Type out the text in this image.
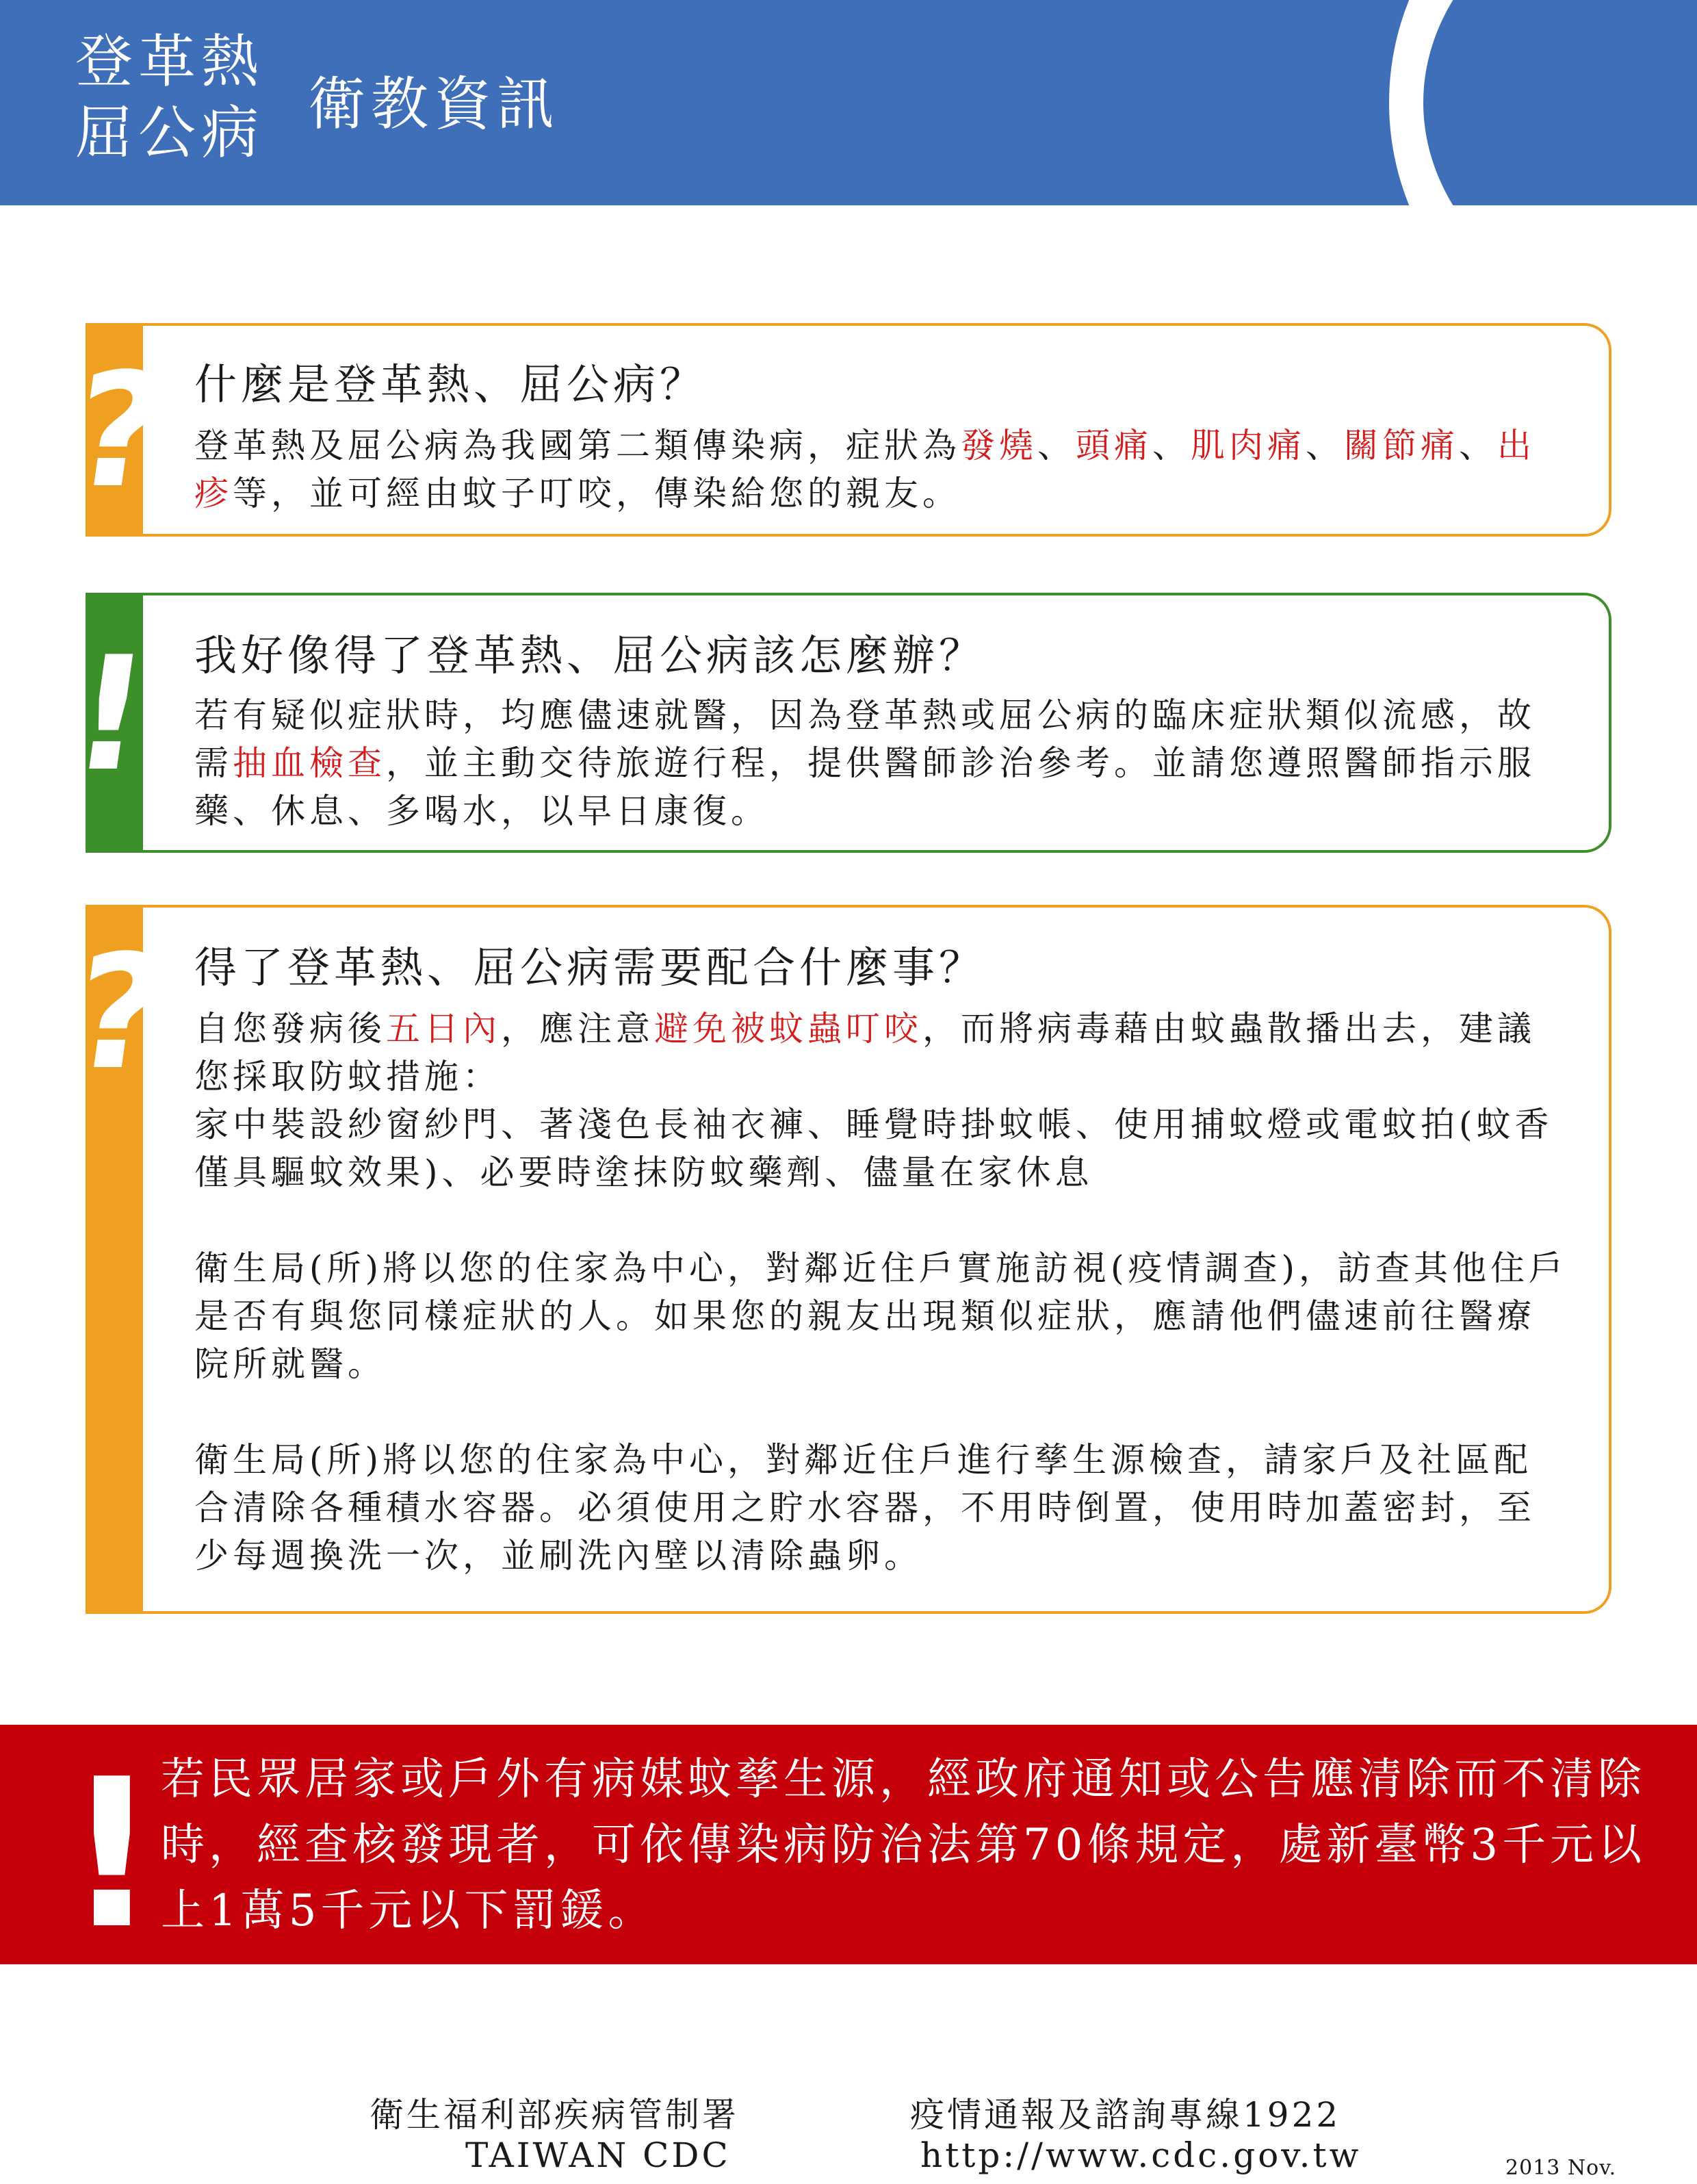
登革熱
屈公病 衛教資訊
? 什麼是登革熱、屈公病？

登革熱及屈公病為我國第二類傳染病，症狀為發燒、頭痛、肌肉痛、關節痛、出疹等，並可經由蚊子叮咬，傳染給您的親友。

! 我好像得了登革熱、屈公病該怎麼辦？

若有疑似症狀時，均應儘速就醫，因為登革熱或屈公病的臨床症狀類似流感，故需抽血檢查，並主動交待旅遊行程，提供醫師診治參考。並請您遵照醫師指示服藥、休息、多喝水，以早日康復。

? 得了登革熱、屈公病需要配合什麼事？

自您發病後五日內，應注意避免被蚊蟲叮咬，而將病毒藉由蚊蟲散播出去，建議您採取防蚊措施：

家中裝設紗窗紗門、著淺色長袖衣褲、睡覺時掛蚊帳、使用捕蚊燈或電蚊拍(蚊香僅具驅蚊效果)、必要時塗抹防蚊藥劑、儘量在家休息

衛生局(所)將以您的住家為中心，對鄰近住戶實施訪視(疫情調查)，訪查其他住戶是否有與您同樣症狀的人。如果您的親友出現類似症狀，應請他們儘速前往醫療院所就醫。

衛生局(所)將以您的住家為中心，對鄰近住戶進行孳生源檢查，請家戶及社區配合清除各種積水容器。必須使用之貯水容器，不用時倒置，使用時加蓋密封，至少每週換洗一次，並刷洗內壁以清除蟲卵。

! 若民眾居家或戶外有病媒蚊孳生源，經政府通知或公告應清除而不清除時，經查核發現者，可依傳染病防治法第70條規定，處新臺幣3千元以上1萬5千元以下罰鍰。
衛生福利部疾病管制署
TAIWAN CDC
疫情通報及諮詢專線1922
http://www.cdc.gov.tw	2013 Nov.
